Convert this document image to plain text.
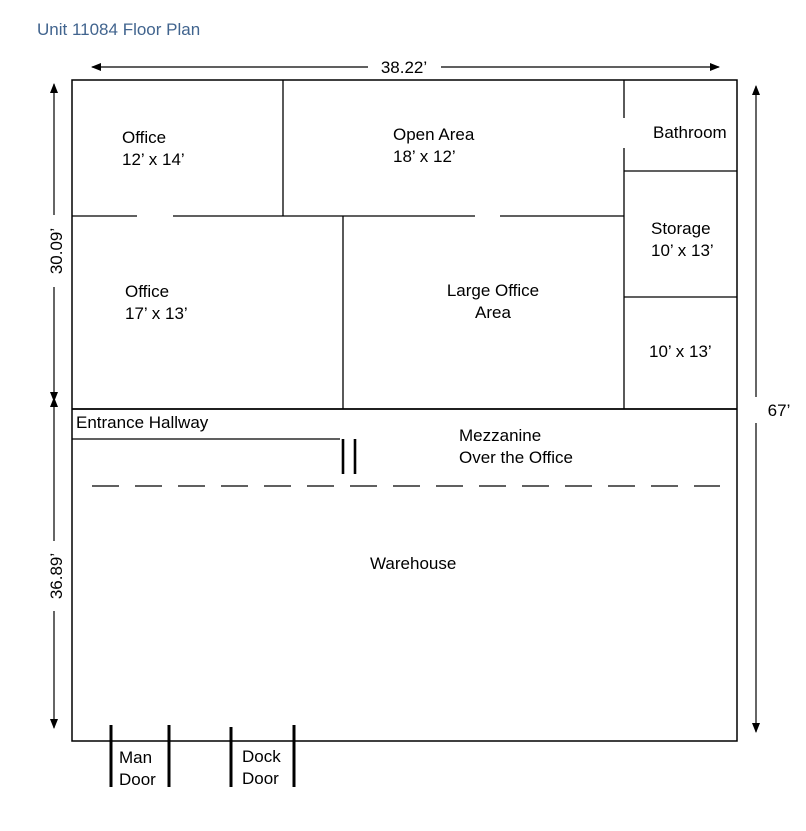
Unit 11084 Floor Plan
38.22’
30.09’
36.89’
67’
Office
12’ x 14’
Open Area
18’ x 12’
Bathroom
Storage
10’ x 13’
Office
17’ x 13’
Large Office
Area
10’ x 13’
Entrance Hallway
Mezzanine
Over the Office
Warehouse
Man
Door
Dock
Door
